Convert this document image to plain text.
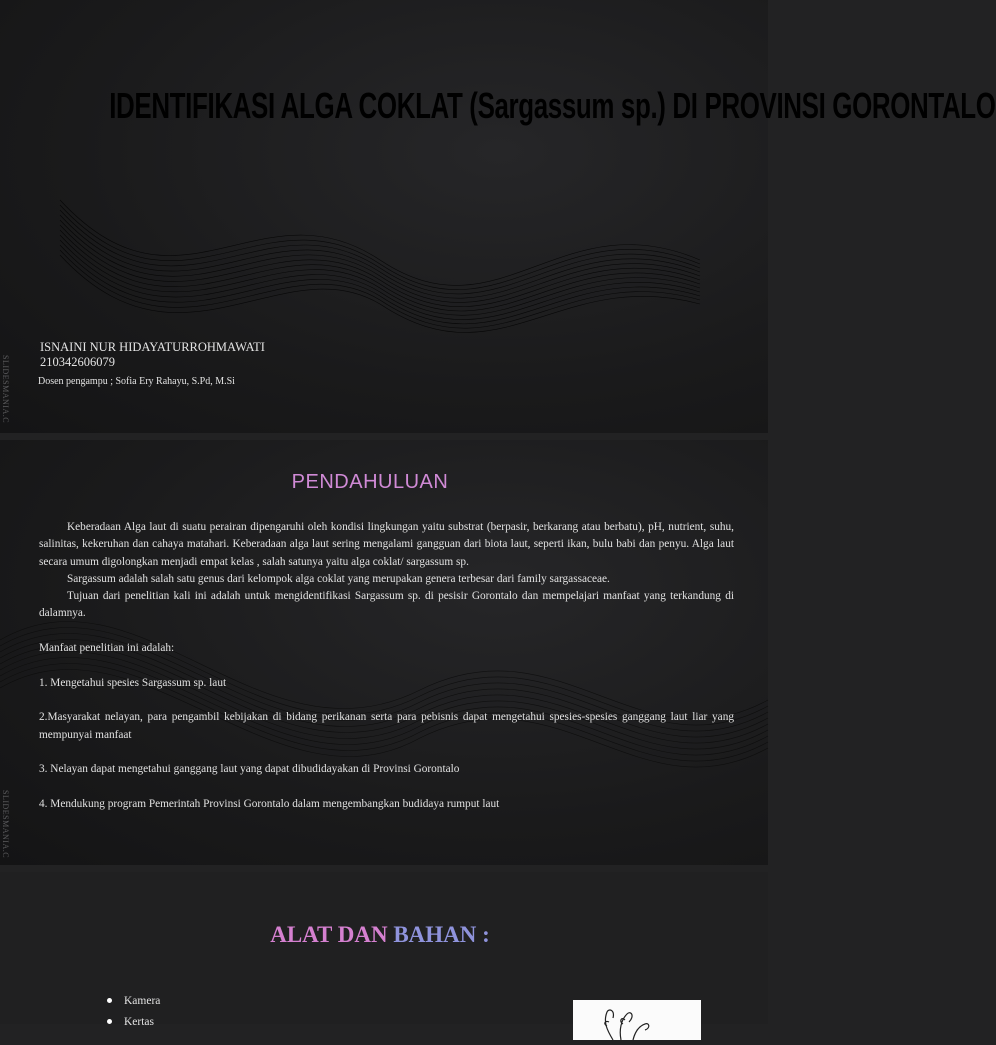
SLIDESMANIA.C
IDENTIFIKASI ALGA COKLAT (Sargassum sp.) DI PROVINSI GORONTALO
ISNAINI NUR HIDAYATURROHMAWATI
210342606079
Dosen pengampu ; Sofia Ery Rahayu, S.Pd, M.Si
SLIDESMANIA.C
PENDAHULUAN

Keberadaan Alga laut di suatu perairan dipengaruhi oleh kondisi lingkungan yaitu substrat (berpasir, berkarang atau berbatu), pH, nutrient, suhu, salinitas, kekeruhan dan cahaya matahari. Keberadaan alga laut sering mengalami gangguan dari biota laut, seperti ikan, bulu babi dan penyu. Alga laut secara umum digolongkan menjadi empat kelas , salah satunya yaitu alga coklat/ sargassum sp.

Sargassum adalah salah satu genus dari kelompok alga coklat yang merupakan genera terbesar dari family sargassaceae.

Tujuan dari penelitian kali ini adalah untuk mengidentifikasi Sargassum sp. di pesisir Gorontalo dan mempelajari manfaat yang terkandung di dalamnya.

Manfaat penelitian ini adalah:

1. Mengetahui spesies Sargassum sp. laut

2.Masyarakat nelayan, para pengambil kebijakan di bidang perikanan serta para pebisnis dapat mengetahui spesies-spesies ganggang laut liar yang mempunyai manfaat

3. Nelayan dapat mengetahui ganggang laut yang dapat dibudidayakan di Provinsi Gorontalo

4. Mendukung program Pemerintah Provinsi Gorontalo dalam mengembangkan budidaya rumput laut

ALAT DAN BAHAN :
Kamera
Kertas
